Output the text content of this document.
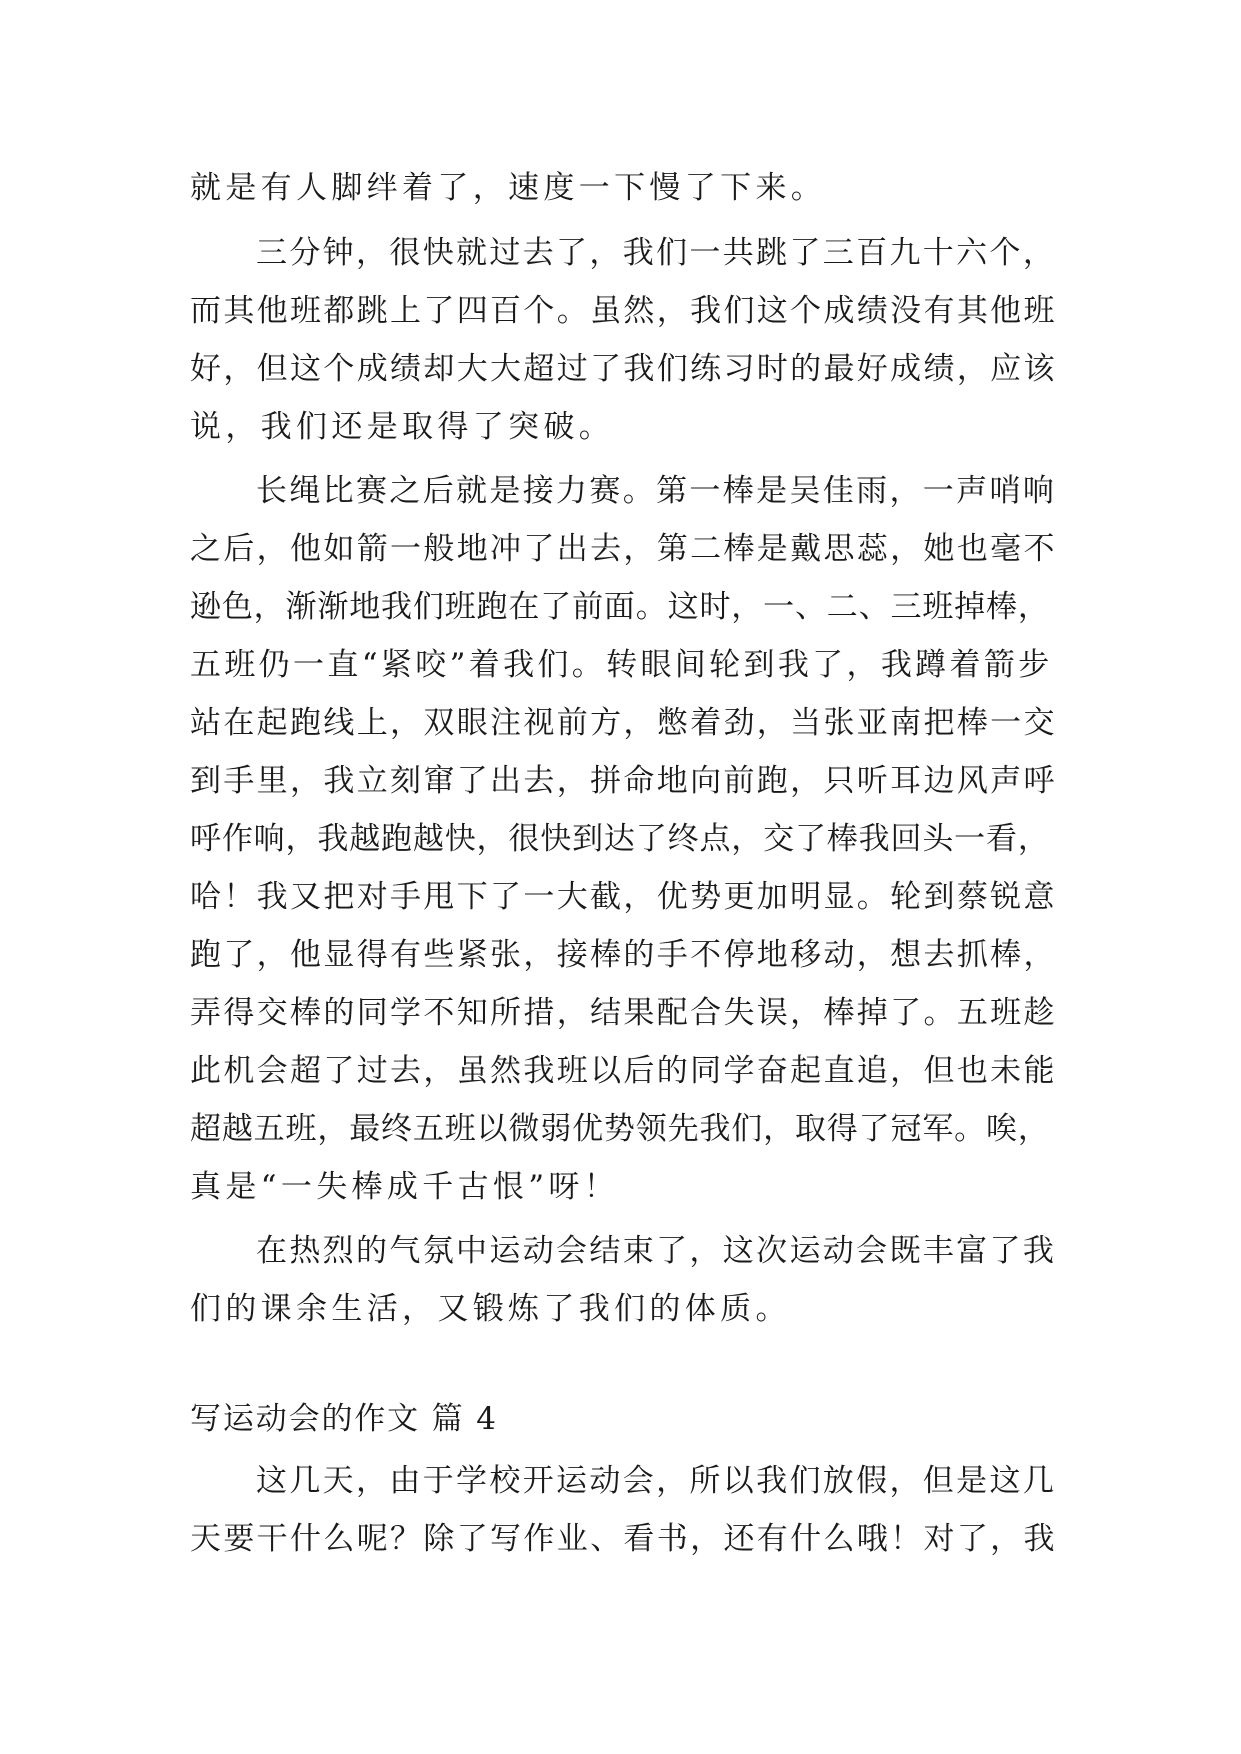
就是有人脚绊着了，速度一下慢了下来。
三分钟，很快就过去了，我们一共跳了三百九十六个，
而其他班都跳上了四百个。虽然，我们这个成绩没有其他班
好，但这个成绩却大大超过了我们练习时的最好成绩，应该
说，我们还是取得了突破。
长绳比赛之后就是接力赛。第一棒是吴佳雨，一声哨响
之后，他如箭一般地冲了出去，第二棒是戴思蕊，她也毫不
逊色，渐渐地我们班跑在了前面。这时，一、二、三班掉棒，
五班仍一直“紧咬”着我们。转眼间轮到我了，我蹲着箭步
站在起跑线上，双眼注视前方，憋着劲，当张亚南把棒一交
到手里，我立刻窜了出去，拼命地向前跑，只听耳边风声呼
呼作响，我越跑越快，很快到达了终点，交了棒我回头一看，
哈！我又把对手甩下了一大截，优势更加明显。轮到蔡锐意
跑了，他显得有些紧张，接棒的手不停地移动，想去抓棒，
弄得交棒的同学不知所措，结果配合失误，棒掉了。五班趁
此机会超了过去，虽然我班以后的同学奋起直追，但也未能
超越五班，最终五班以微弱优势领先我们，取得了冠军。唉，
真是“一失棒成千古恨”呀！
在热烈的气氛中运动会结束了，这次运动会既丰富了我
们的课余生活，又锻炼了我们的体质。
写运动会的作文 篇 4
这几天，由于学校开运动会，所以我们放假，但是这几
天要干什么呢？除了写作业、看书，还有什么哦！对了，我
